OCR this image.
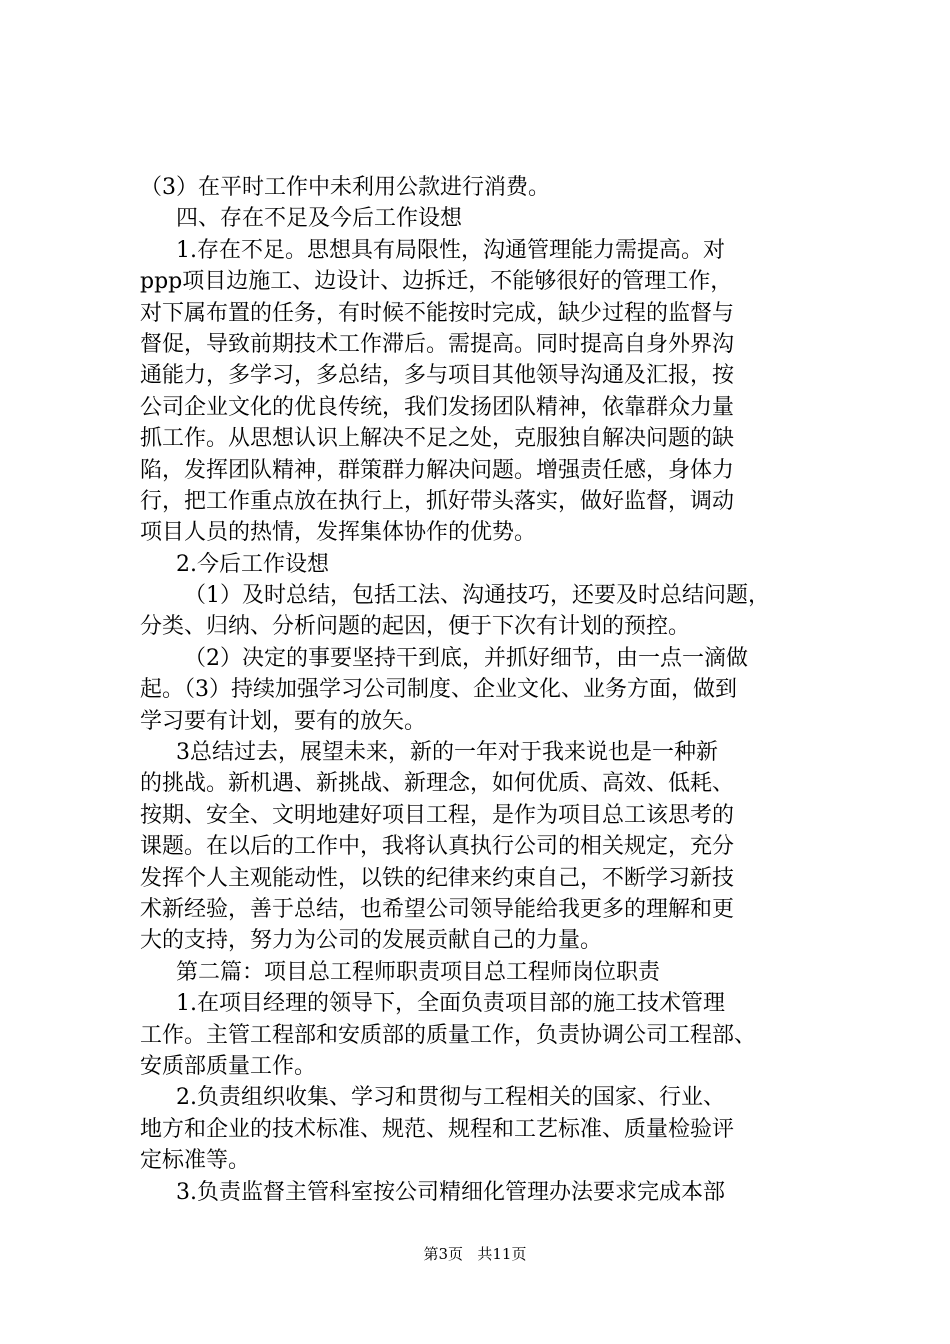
（3）在平时工作中未利用公款进行消费。
四、存在不足及今后工作设想
1.存在不足。思想具有局限性，沟通管理能力需提高。对
ppp项目边施工、边设计、边拆迁，不能够很好的管理工作，
对下属布置的任务，有时候不能按时完成，缺少过程的监督与
督促，导致前期技术工作滞后。需提高。同时提高自身外界沟
通能力，多学习，多总结，多与项目其他领导沟通及汇报，按
公司企业文化的优良传统，我们发扬团队精神，依靠群众力量
抓工作。从思想认识上解决不足之处，克服独自解决问题的缺
陷，发挥团队精神，群策群力解决问题。增强责任感，身体力
行，把工作重点放在执行上，抓好带头落实，做好监督，调动
项目人员的热情，发挥集体协作的优势。
2.今后工作设想
（1）及时总结，包括工法、沟通技巧，还要及时总结问题，
分类、归纳、分析问题的起因，便于下次有计划的预控。
（2）决定的事要坚持干到底，并抓好细节，由一点一滴做
起。（3）持续加强学习公司制度、企业文化、业务方面，做到
学习要有计划，要有的放矢。
3总结过去，展望未来，新的一年对于我来说也是一种新
的挑战。新机遇、新挑战、新理念，如何优质、高效、低耗、
按期、安全、文明地建好项目工程，是作为项目总工该思考的
课题。在以后的工作中，我将认真执行公司的相关规定，充分
发挥个人主观能动性，以铁的纪律来约束自己，不断学习新技
术新经验，善于总结，也希望公司领导能给我更多的理解和更
大的支持，努力为公司的发展贡献自己的力量。
第二篇：项目总工程师职责项目总工程师岗位职责
1.在项目经理的领导下，全面负责项目部的施工技术管理
工作。主管工程部和安质部的质量工作，负责协调公司工程部、
安质部质量工作。
2.负责组织收集、学习和贯彻与工程相关的国家、行业、
地方和企业的技术标准、规范、规程和工艺标准、质量检验评
定标准等。
3.负责监督主管科室按公司精细化管理办法要求完成本部
第3页 共11页
